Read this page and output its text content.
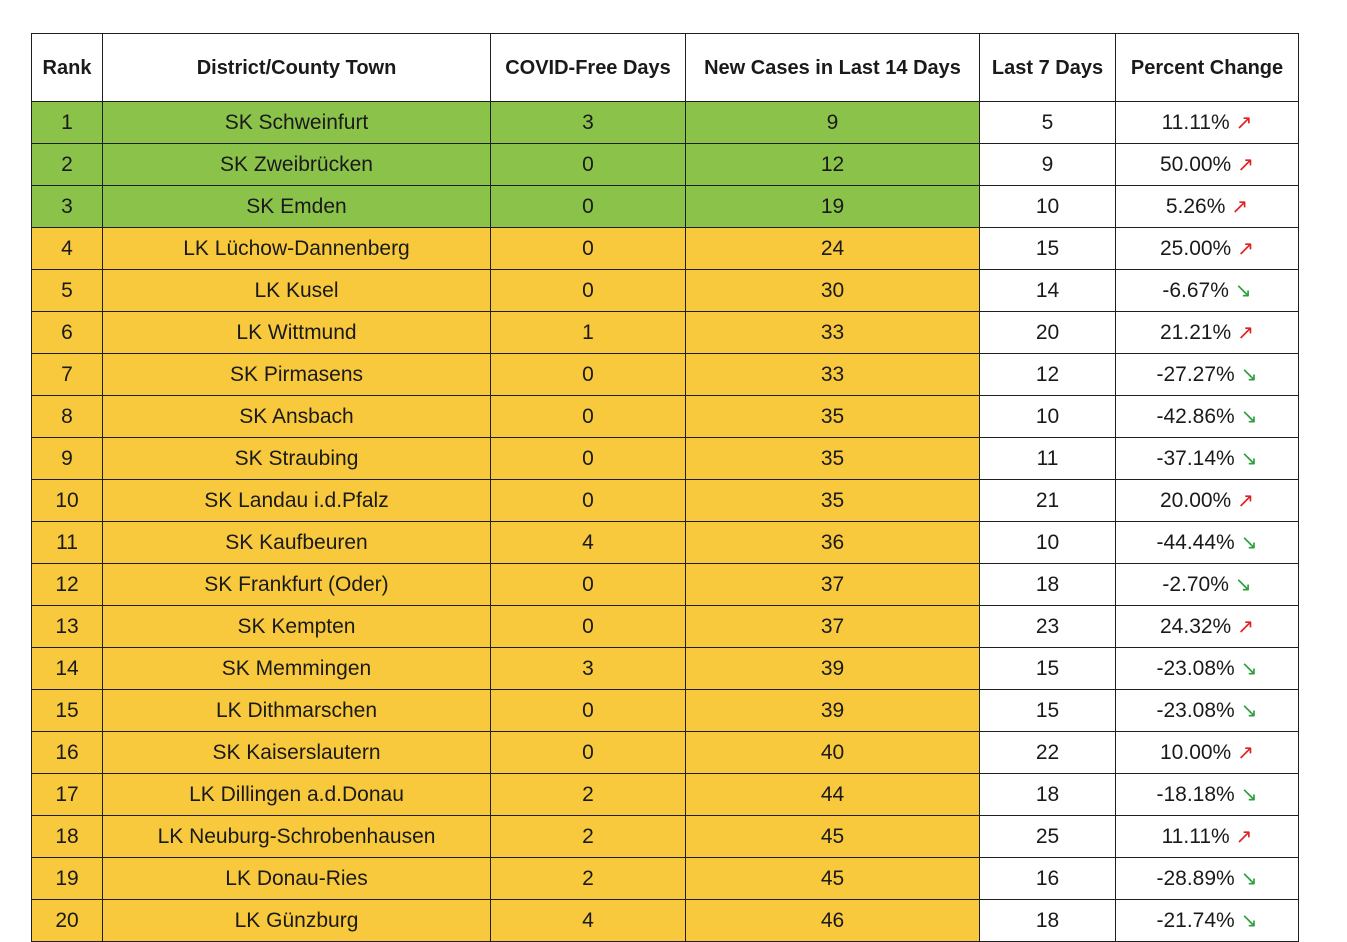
Rank	District/County Town	COVID-Free Days	New Cases in Last 14 Days	Last 7 Days	Percent Change
1	SK Schweinfurt	3	9	5	11.11% ↗
2	SK Zweibrücken	0	12	9	50.00% ↗
3	SK Emden	0	19	10	5.26% ↗
4	LK Lüchow-Dannenberg	0	24	15	25.00% ↗
5	LK Kusel	0	30	14	-6.67% ↘
6	LK Wittmund	1	33	20	21.21% ↗
7	SK Pirmasens	0	33	12	-27.27% ↘
8	SK Ansbach	0	35	10	-42.86% ↘
9	SK Straubing	0	35	11	-37.14% ↘
10	SK Landau i.d.Pfalz	0	35	21	20.00% ↗
11	SK Kaufbeuren	4	36	10	-44.44% ↘
12	SK Frankfurt (Oder)	0	37	18	-2.70% ↘
13	SK Kempten	0	37	23	24.32% ↗
14	SK Memmingen	3	39	15	-23.08% ↘
15	LK Dithmarschen	0	39	15	-23.08% ↘
16	SK Kaiserslautern	0	40	22	10.00% ↗
17	LK Dillingen a.d.Donau	2	44	18	-18.18% ↘
18	LK Neuburg-Schrobenhausen	2	45	25	11.11% ↗
19	LK Donau-Ries	2	45	16	-28.89% ↘
20	LK Günzburg	4	46	18	-21.74% ↘
